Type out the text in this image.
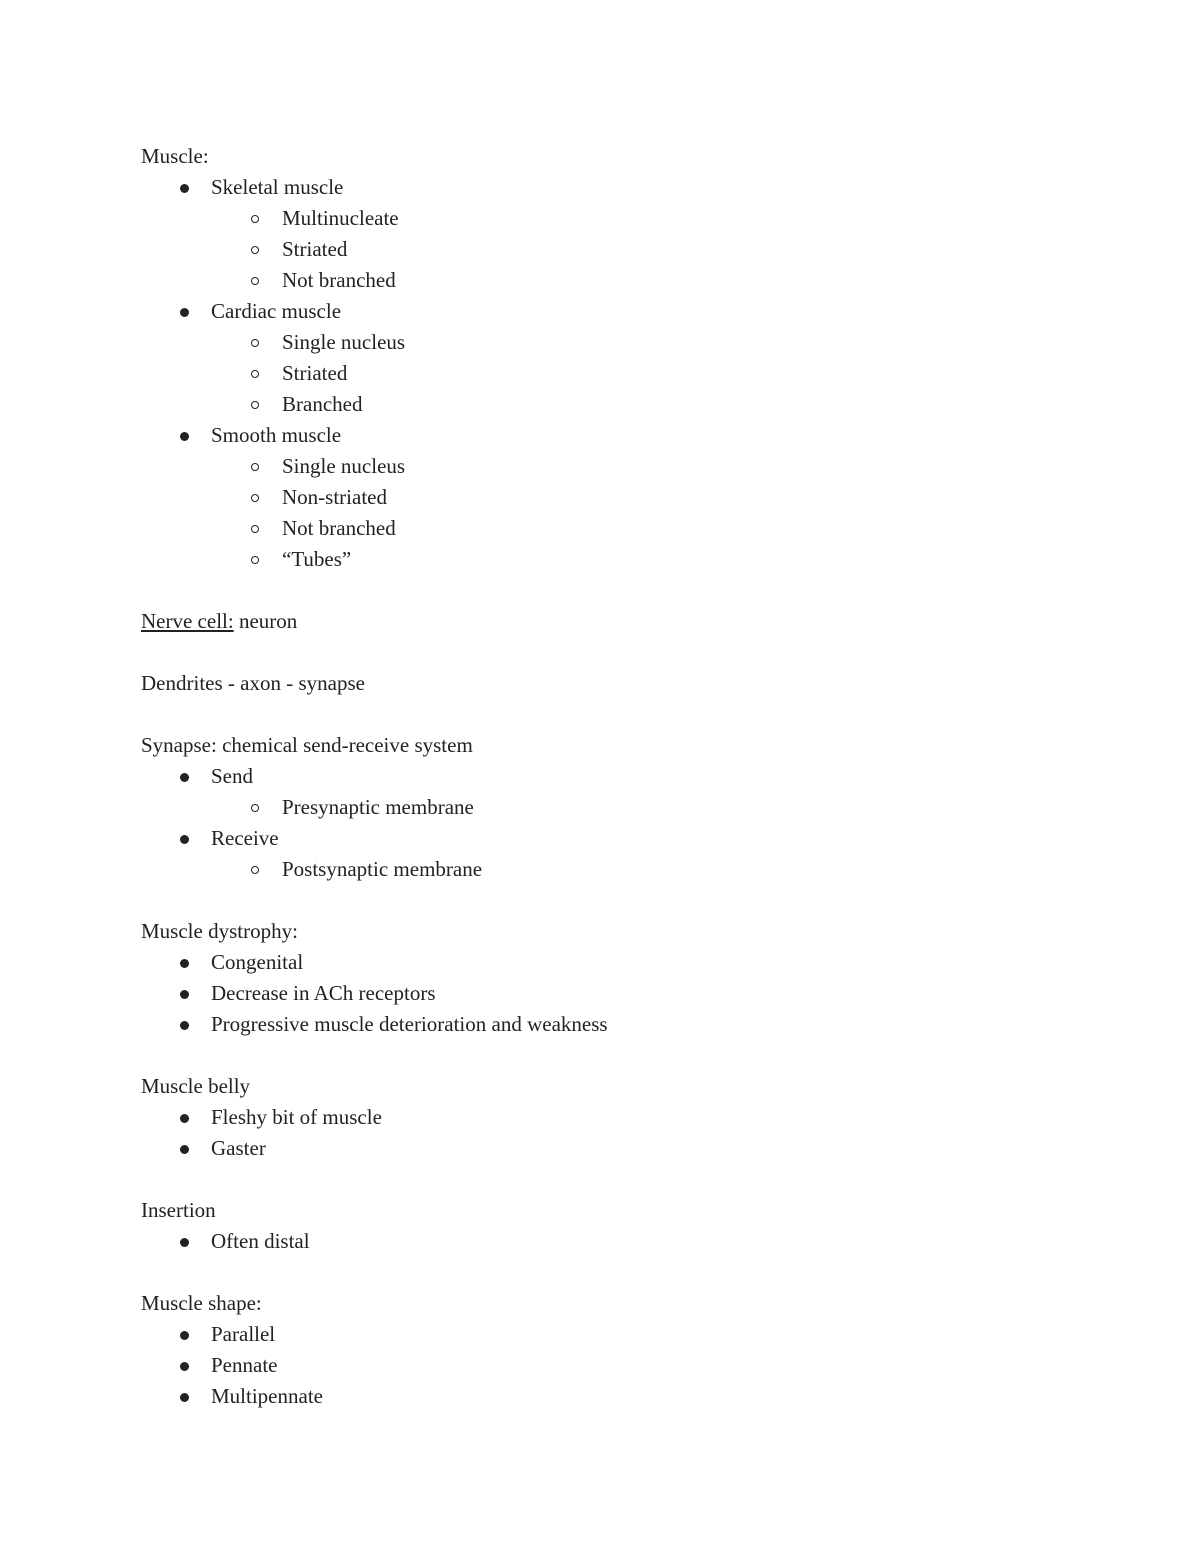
Muscle:
Skeletal muscle
Multinucleate
Striated
Not branched
Cardiac muscle
Single nucleus
Striated
Branched
Smooth muscle
Single nucleus
Non-striated
Not branched
“Tubes”
Nerve cell: neuron
Dendrites - axon - synapse
Synapse: chemical send-receive system
Send
Presynaptic membrane
Receive
Postsynaptic membrane
Muscle dystrophy:
Congenital
Decrease in ACh receptors
Progressive muscle deterioration and weakness
Muscle belly
Fleshy bit of muscle
Gaster
Insertion
Often distal
Muscle shape:
Parallel
Pennate
Multipennate
